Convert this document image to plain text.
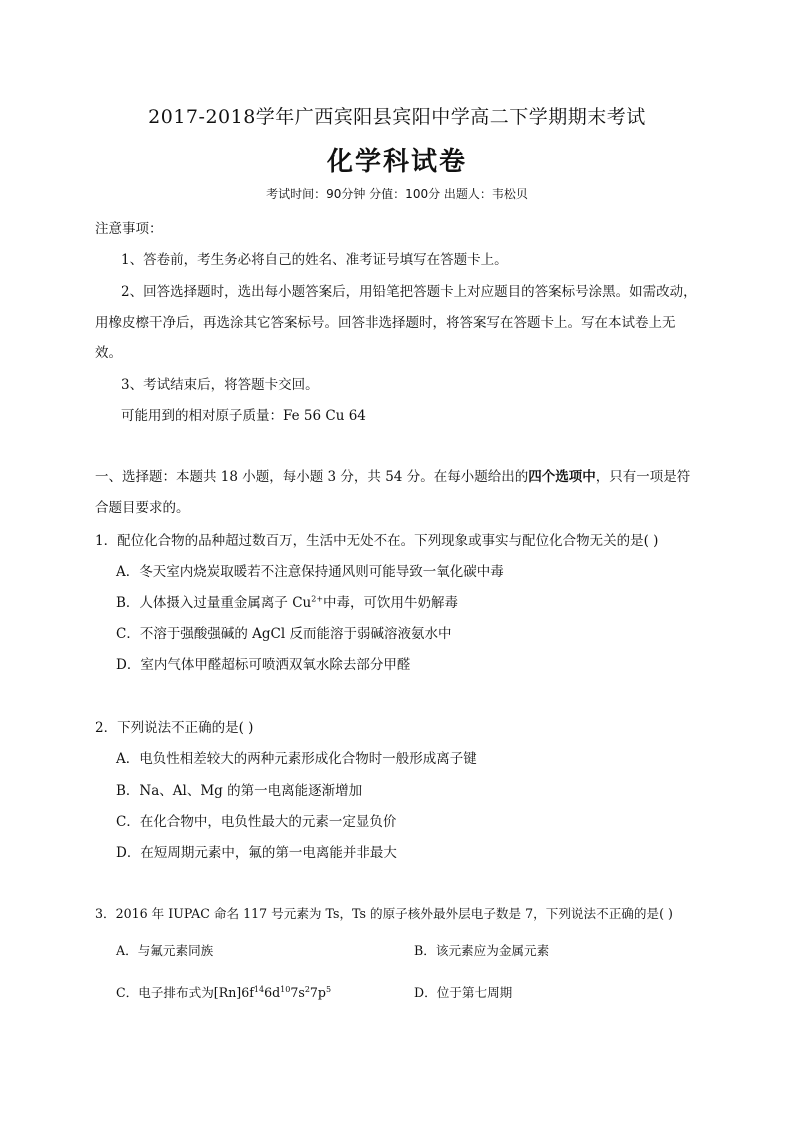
2017-2018学年广西宾阳县宾阳中学高二下学期期末考试
化学科试卷
考试时间：90分钟 分值：100分 出题人：韦松贝
注意事项：
1、答卷前，考生务必将自己的姓名、准考证号填写在答题卡上。
2、回答选择题时，选出每小题答案后，用铅笔把答题卡上对应题目的答案标号涂黑。如需改动，
用橡皮檫干净后，再选涂其它答案标号。回答非选择题时，将答案写在答题卡上。写在本试卷上无
效。
3、考试结束后，将答题卡交回。
可能用到的相对原子质量：Fe 56 Cu 64
一、选择题：本题共 18 小题，每小题 3 分，共 54 分。在每小题给出的四个选项中，只有一项是符
合题目要求的。
1．配位化合物的品种超过数百万，生活中无处不在。下列现象或事实与配位化合物无关的是( )
A．冬天室内烧炭取暖若不注意保持通风则可能导致一氧化碳中毒
B．人体摄入过量重金属离子 $Cu^{2+}$中毒，可饮用牛奶解毒
C．不溶于强酸强碱的 AgCl 反而能溶于弱碱溶液氨水中
D．室内气体甲醛超标可喷洒双氧水除去部分甲醛
2．下列说法不正确的是( )
A．电负性相差较大的两种元素形成化合物时一般形成离子键
B．Na、Al、Mg 的第一电离能逐渐增加
C．在化合物中，电负性最大的元素一定显负价
D．在短周期元素中，氟的第一电离能并非最大
3．2016 年 IUPAC 命名 117 号元素为 Ts，Ts 的原子核外最外层电子数是 7，下列说法不正确的是( )
A．与氟元素同族	B．该元素应为金属元素
C．电子排布式为$[Rn]6f^{14}6d^{10}7s^27p^5$	D．位于第七周期
